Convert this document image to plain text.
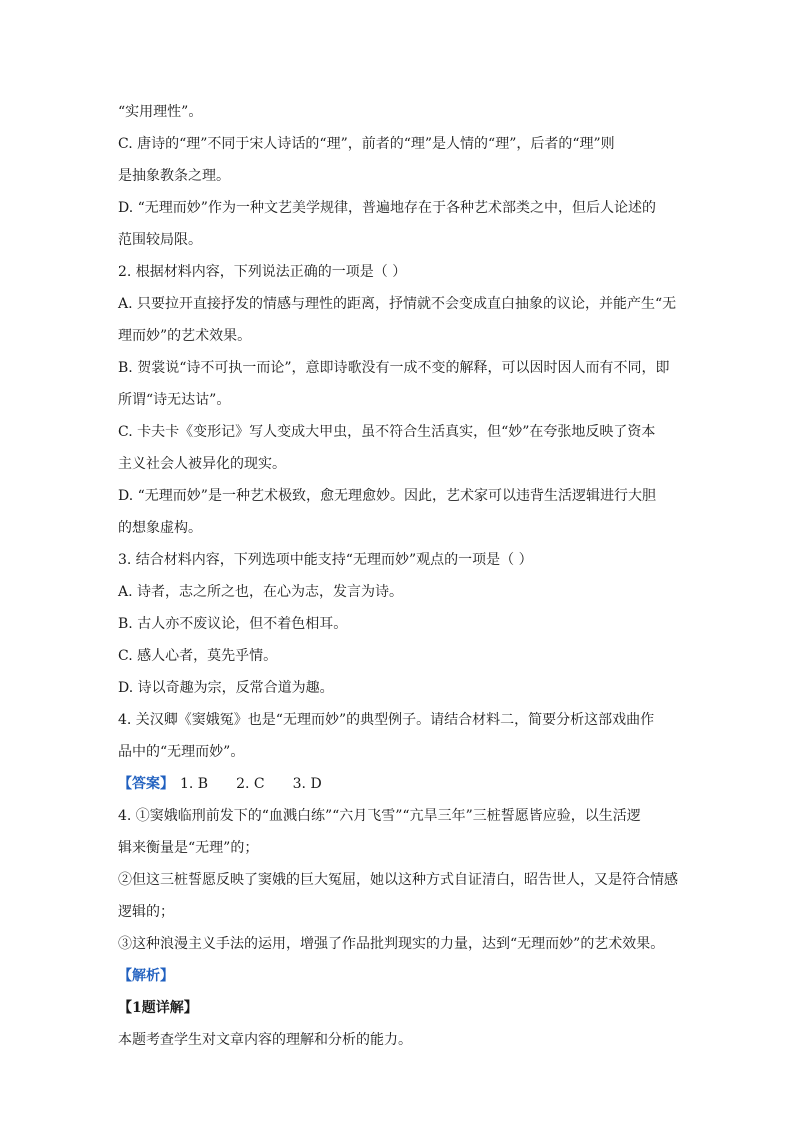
“实用理性”。
C. 唐诗的“理”不同于宋人诗话的“理”，前者的“理”是人情的“理”，后者的“理”则
是抽象教条之理。
D. “无理而妙”作为一种文艺美学规律，普遍地存在于各种艺术部类之中，但后人论述的
范围较局限。
2. 根据材料内容，下列说法正确的一项是（ ）
A. 只要拉开直接抒发的情感与理性的距离，抒情就不会变成直白抽象的议论，并能产生“无
理而妙”的艺术效果。
B. 贺裳说“诗不可执一而论”，意即诗歌没有一成不变的解释，可以因时因人而有不同，即
所谓“诗无达诂”。
C. 卡夫卡《变形记》写人变成大甲虫，虽不符合生活真实，但“妙”在夸张地反映了资本
主义社会人被异化的现实。
D. “无理而妙”是一种艺术极致，愈无理愈妙。因此，艺术家可以违背生活逻辑进行大胆
的想象虚构。
3. 结合材料内容，下列选项中能支持“无理而妙”观点的一项是（ ）
A. 诗者，志之所之也，在心为志，发言为诗。
B. 古人亦不废议论，但不着色相耳。
C. 感人心者，莫先乎情。
D. 诗以奇趣为宗，反常合道为趣。
4. 关汉卿《窦娥冤》也是“无理而妙”的典型例子。请结合材料二，简要分析这部戏曲作
品中的“无理而妙”。
【答案】 1. B 2. C 3. D
4. ①窦娥临刑前发下的“血溅白练”“六月飞雪”“亢旱三年”三桩誓愿皆应验，以生活逻
辑来衡量是“无理”的；
②但这三桩誓愿反映了窦娥的巨大冤屈，她以这种方式自证清白，昭告世人，又是符合情感
逻辑的；
③这种浪漫主义手法的运用，增强了作品批判现实的力量，达到“无理而妙”的艺术效果。
【解析】
【1题详解】
本题考查学生对文章内容的理解和分析的能力。
